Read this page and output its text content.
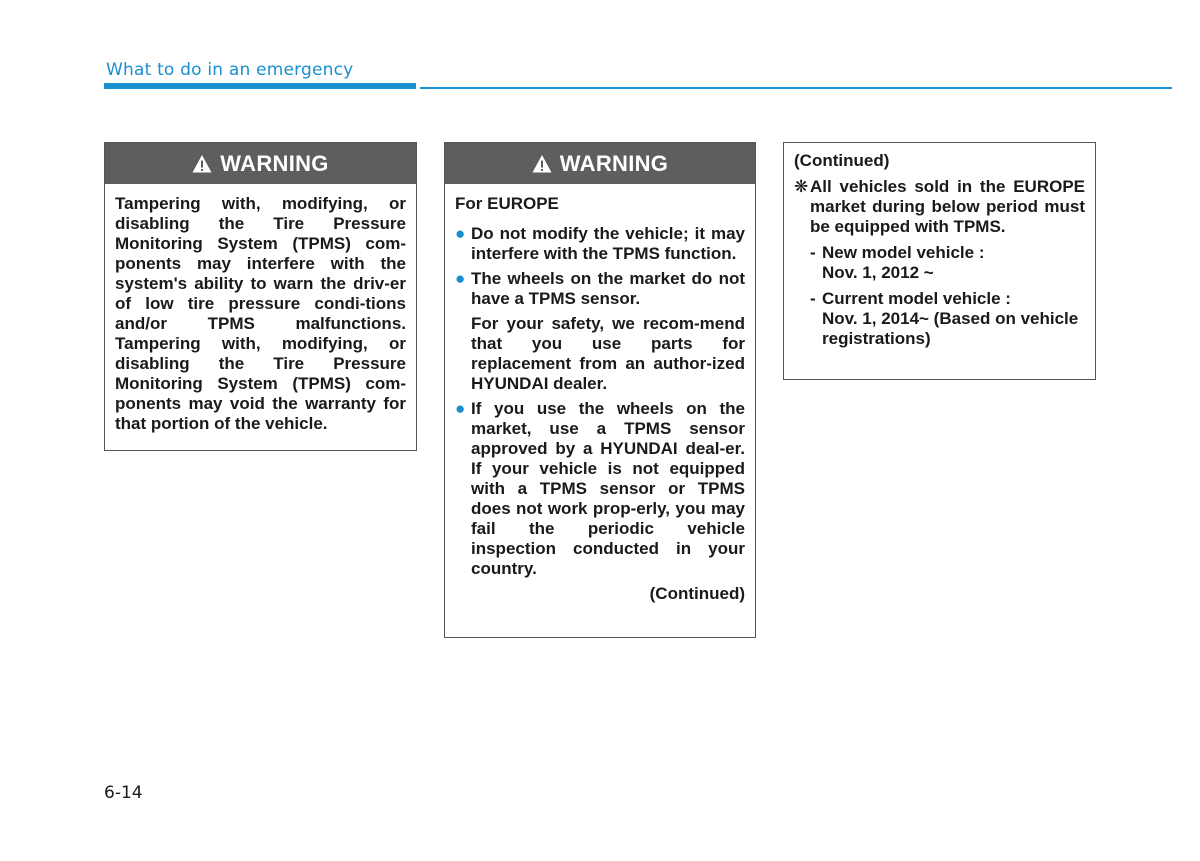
What to do in an emergency
WARNING

Tampering with, modifying, or disabling the Tire Pressure Monitoring System (TPMS) com-ponents may interfere with the system's ability to warn the driv-er of low tire pressure condi-tions and/or TPMS malfunctions. Tampering with, modifying, or disabling the Tire Pressure Monitoring System (TPMS) com-ponents may void the warranty for that portion of the vehicle.

WARNING

For EUROPE

● Do not modify the vehicle; it may interfere with the TPMS function.
● The wheels on the market do not have a TPMS sensor.

For your safety, we recom-mend that you use parts for replacement from an author-ized HYUNDAI dealer.

● If you use the wheels on the market, use a TPMS sensor approved by a HYUNDAI deal-er. If your vehicle is not equipped with a TPMS sensor or TPMS does not work prop-erly, you may fail the periodic vehicle inspection conducted in your country.
(Continued)

(Continued)

❋ All vehicles sold in the EUROPE market during below period must be equipped with TPMS.
- New model vehicle :
Nov. 1, 2012 ~
- Current model vehicle :
Nov. 1, 2014~ (Based on vehicle registrations)
6-14
